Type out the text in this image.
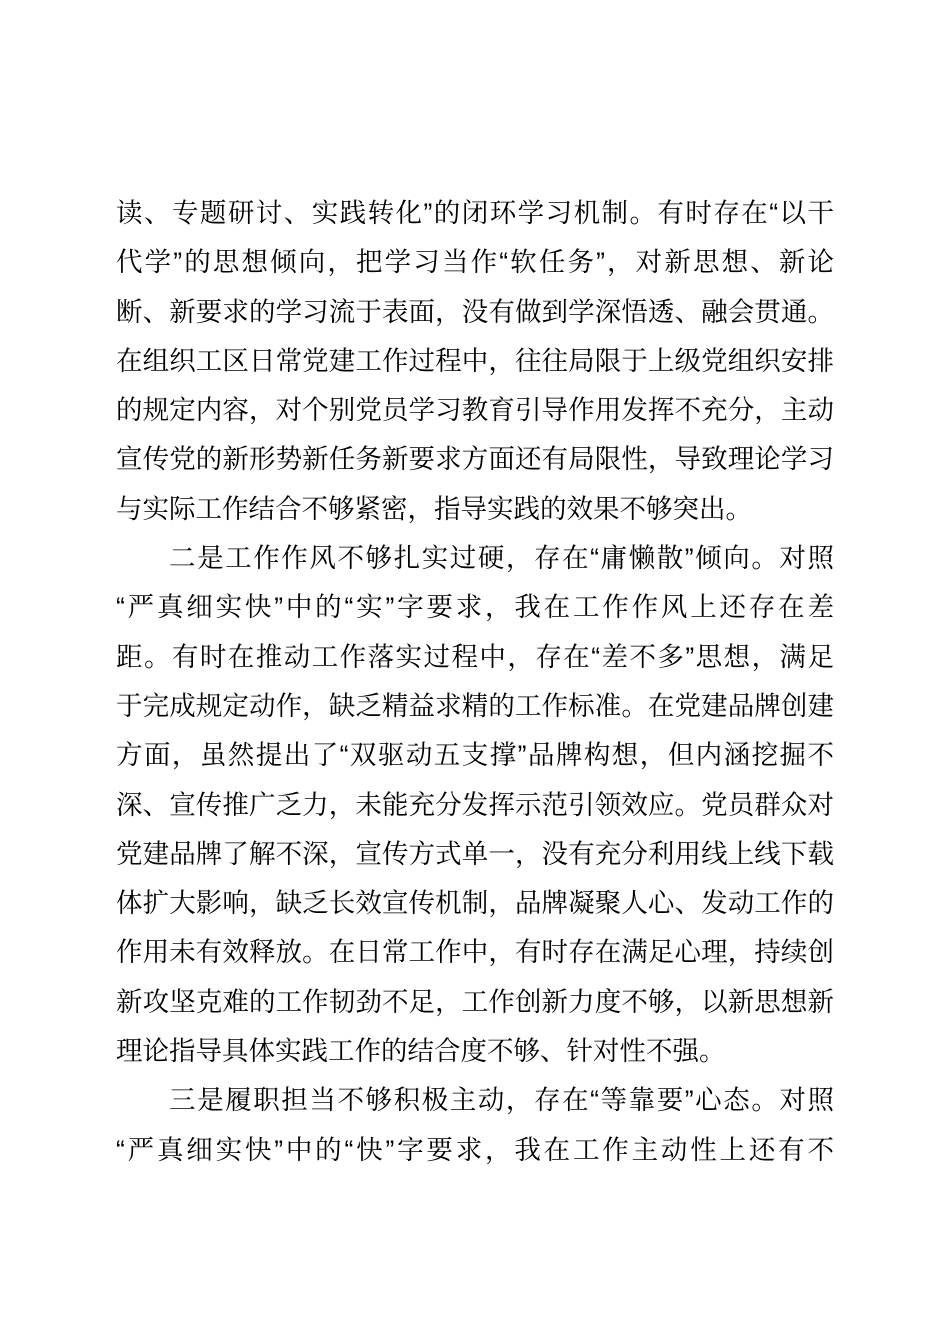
读、专题研讨、实践转化”的闭环学习机制。有时存在“以干
代学”的思想倾向，把学习当作“软任务”，对新思想、新论
断、新要求的学习流于表面，没有做到学深悟透、融会贯通。
在组织工区日常党建工作过程中，往往局限于上级党组织安排
的规定内容，对个别党员学习教育引导作用发挥不充分，主动
宣传党的新形势新任务新要求方面还有局限性，导致理论学习
与实际工作结合不够紧密，指导实践的效果不够突出。
二是工作作风不够扎实过硬，存在“庸懒散”倾向。对照
“严真细实快”中的“实”字要求，我在工作作风上还存在差
距。有时在推动工作落实过程中，存在“差不多”思想，满足
于完成规定动作，缺乏精益求精的工作标准。在党建品牌创建
方面，虽然提出了“双驱动五支撑”品牌构想，但内涵挖掘不
深、宣传推广乏力，未能充分发挥示范引领效应。党员群众对
党建品牌了解不深，宣传方式单一，没有充分利用线上线下载
体扩大影响，缺乏长效宣传机制，品牌凝聚人心、发动工作的
作用未有效释放。在日常工作中，有时存在满足心理，持续创
新攻坚克难的工作韧劲不足，工作创新力度不够，以新思想新
理论指导具体实践工作的结合度不够、针对性不强。
三是履职担当不够积极主动，存在“等靠要”心态。对照
“严真细实快”中的“快”字要求，我在工作主动性上还有不
